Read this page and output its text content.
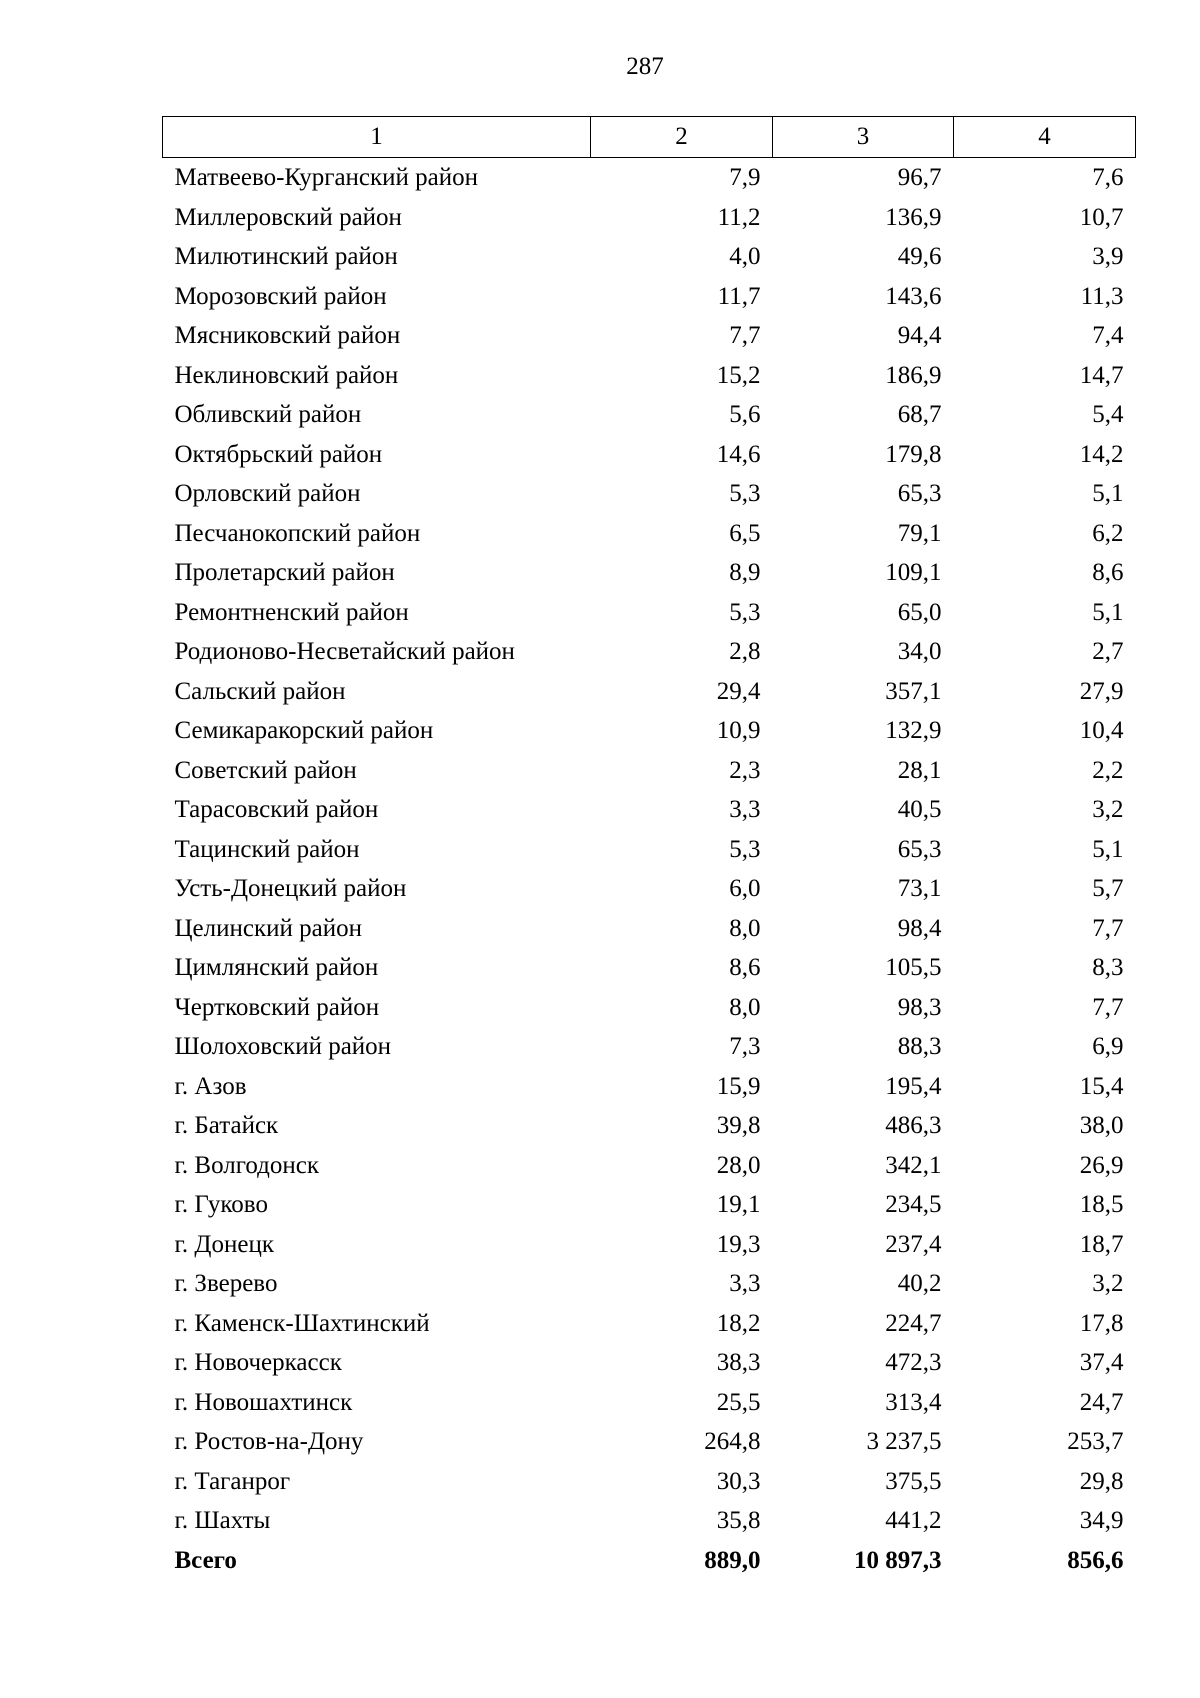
287
1	2	3	4
Матвеево-Курганский район	7,9	96,7	7,6
Миллеровский район	11,2	136,9	10,7
Милютинский район	4,0	49,6	3,9
Морозовский район	11,7	143,6	11,3
Мясниковский район	7,7	94,4	7,4
Неклиновский район	15,2	186,9	14,7
Обливский район	5,6	68,7	5,4
Октябрьский район	14,6	179,8	14,2
Орловский район	5,3	65,3	5,1
Песчанокопский район	6,5	79,1	6,2
Пролетарский район	8,9	109,1	8,6
Ремонтненский район	5,3	65,0	5,1
Родионово-Несветайский район	2,8	34,0	2,7
Сальский район	29,4	357,1	27,9
Семикаракорский район	10,9	132,9	10,4
Советский район	2,3	28,1	2,2
Тарасовский район	3,3	40,5	3,2
Тацинский район	5,3	65,3	5,1
Усть-Донецкий район	6,0	73,1	5,7
Целинский район	8,0	98,4	7,7
Цимлянский район	8,6	105,5	8,3
Чертковский район	8,0	98,3	7,7
Шолоховский район	7,3	88,3	6,9
г. Азов	15,9	195,4	15,4
г. Батайск	39,8	486,3	38,0
г. Волгодонск	28,0	342,1	26,9
г. Гуково	19,1	234,5	18,5
г. Донецк	19,3	237,4	18,7
г. Зверево	3,3	40,2	3,2
г. Каменск-Шахтинский	18,2	224,7	17,8
г. Новочеркасск	38,3	472,3	37,4
г. Новошахтинск	25,5	313,4	24,7
г. Ростов-на-Дону	264,8	3 237,5	253,7
г. Таганрог	30,3	375,5	29,8
г. Шахты	35,8	441,2	34,9
Всего	889,0	10 897,3	856,6
